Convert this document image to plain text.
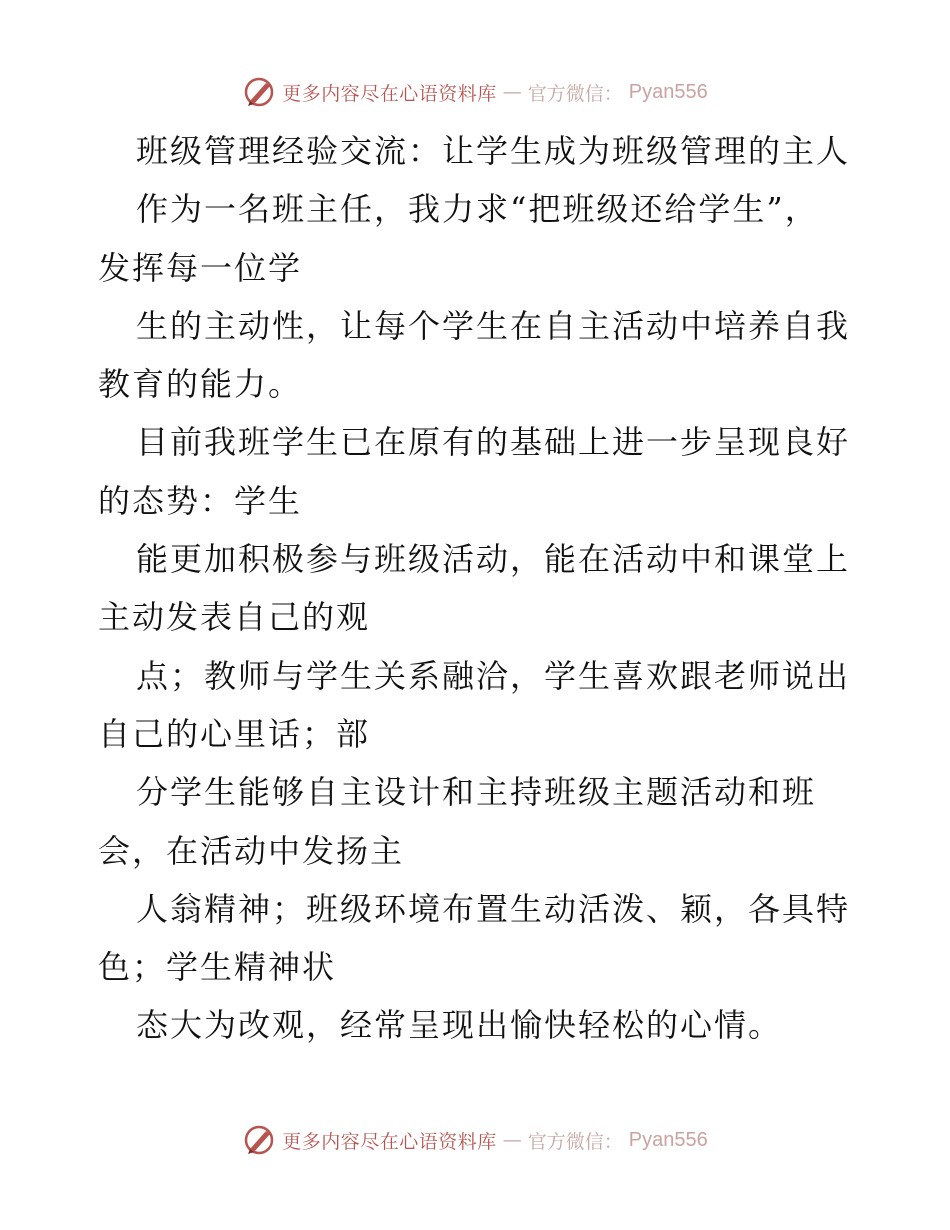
更多内容尽在心语资料库 — 官方微信： Pyan556
班级管理经验交流：让学生成为班级管理的主人
作为一名班主任，我力求“把班级还给学生”，
发挥每一位学
生的主动性，让每个学生在自主活动中培养自我
教育的能力。
目前我班学生已在原有的基础上进一步呈现良好
的态势：学生
能更加积极参与班级活动，能在活动中和课堂上
主动发表自己的观
点；教师与学生关系融洽，学生喜欢跟老师说出
自己的心里话；部
分学生能够自主设计和主持班级主题活动和班
会，在活动中发扬主
人翁精神；班级环境布置生动活泼、颖，各具特
色；学生精神状
态大为改观，经常呈现出愉快轻松的心情。
更多内容尽在心语资料库 — 官方微信： Pyan556
